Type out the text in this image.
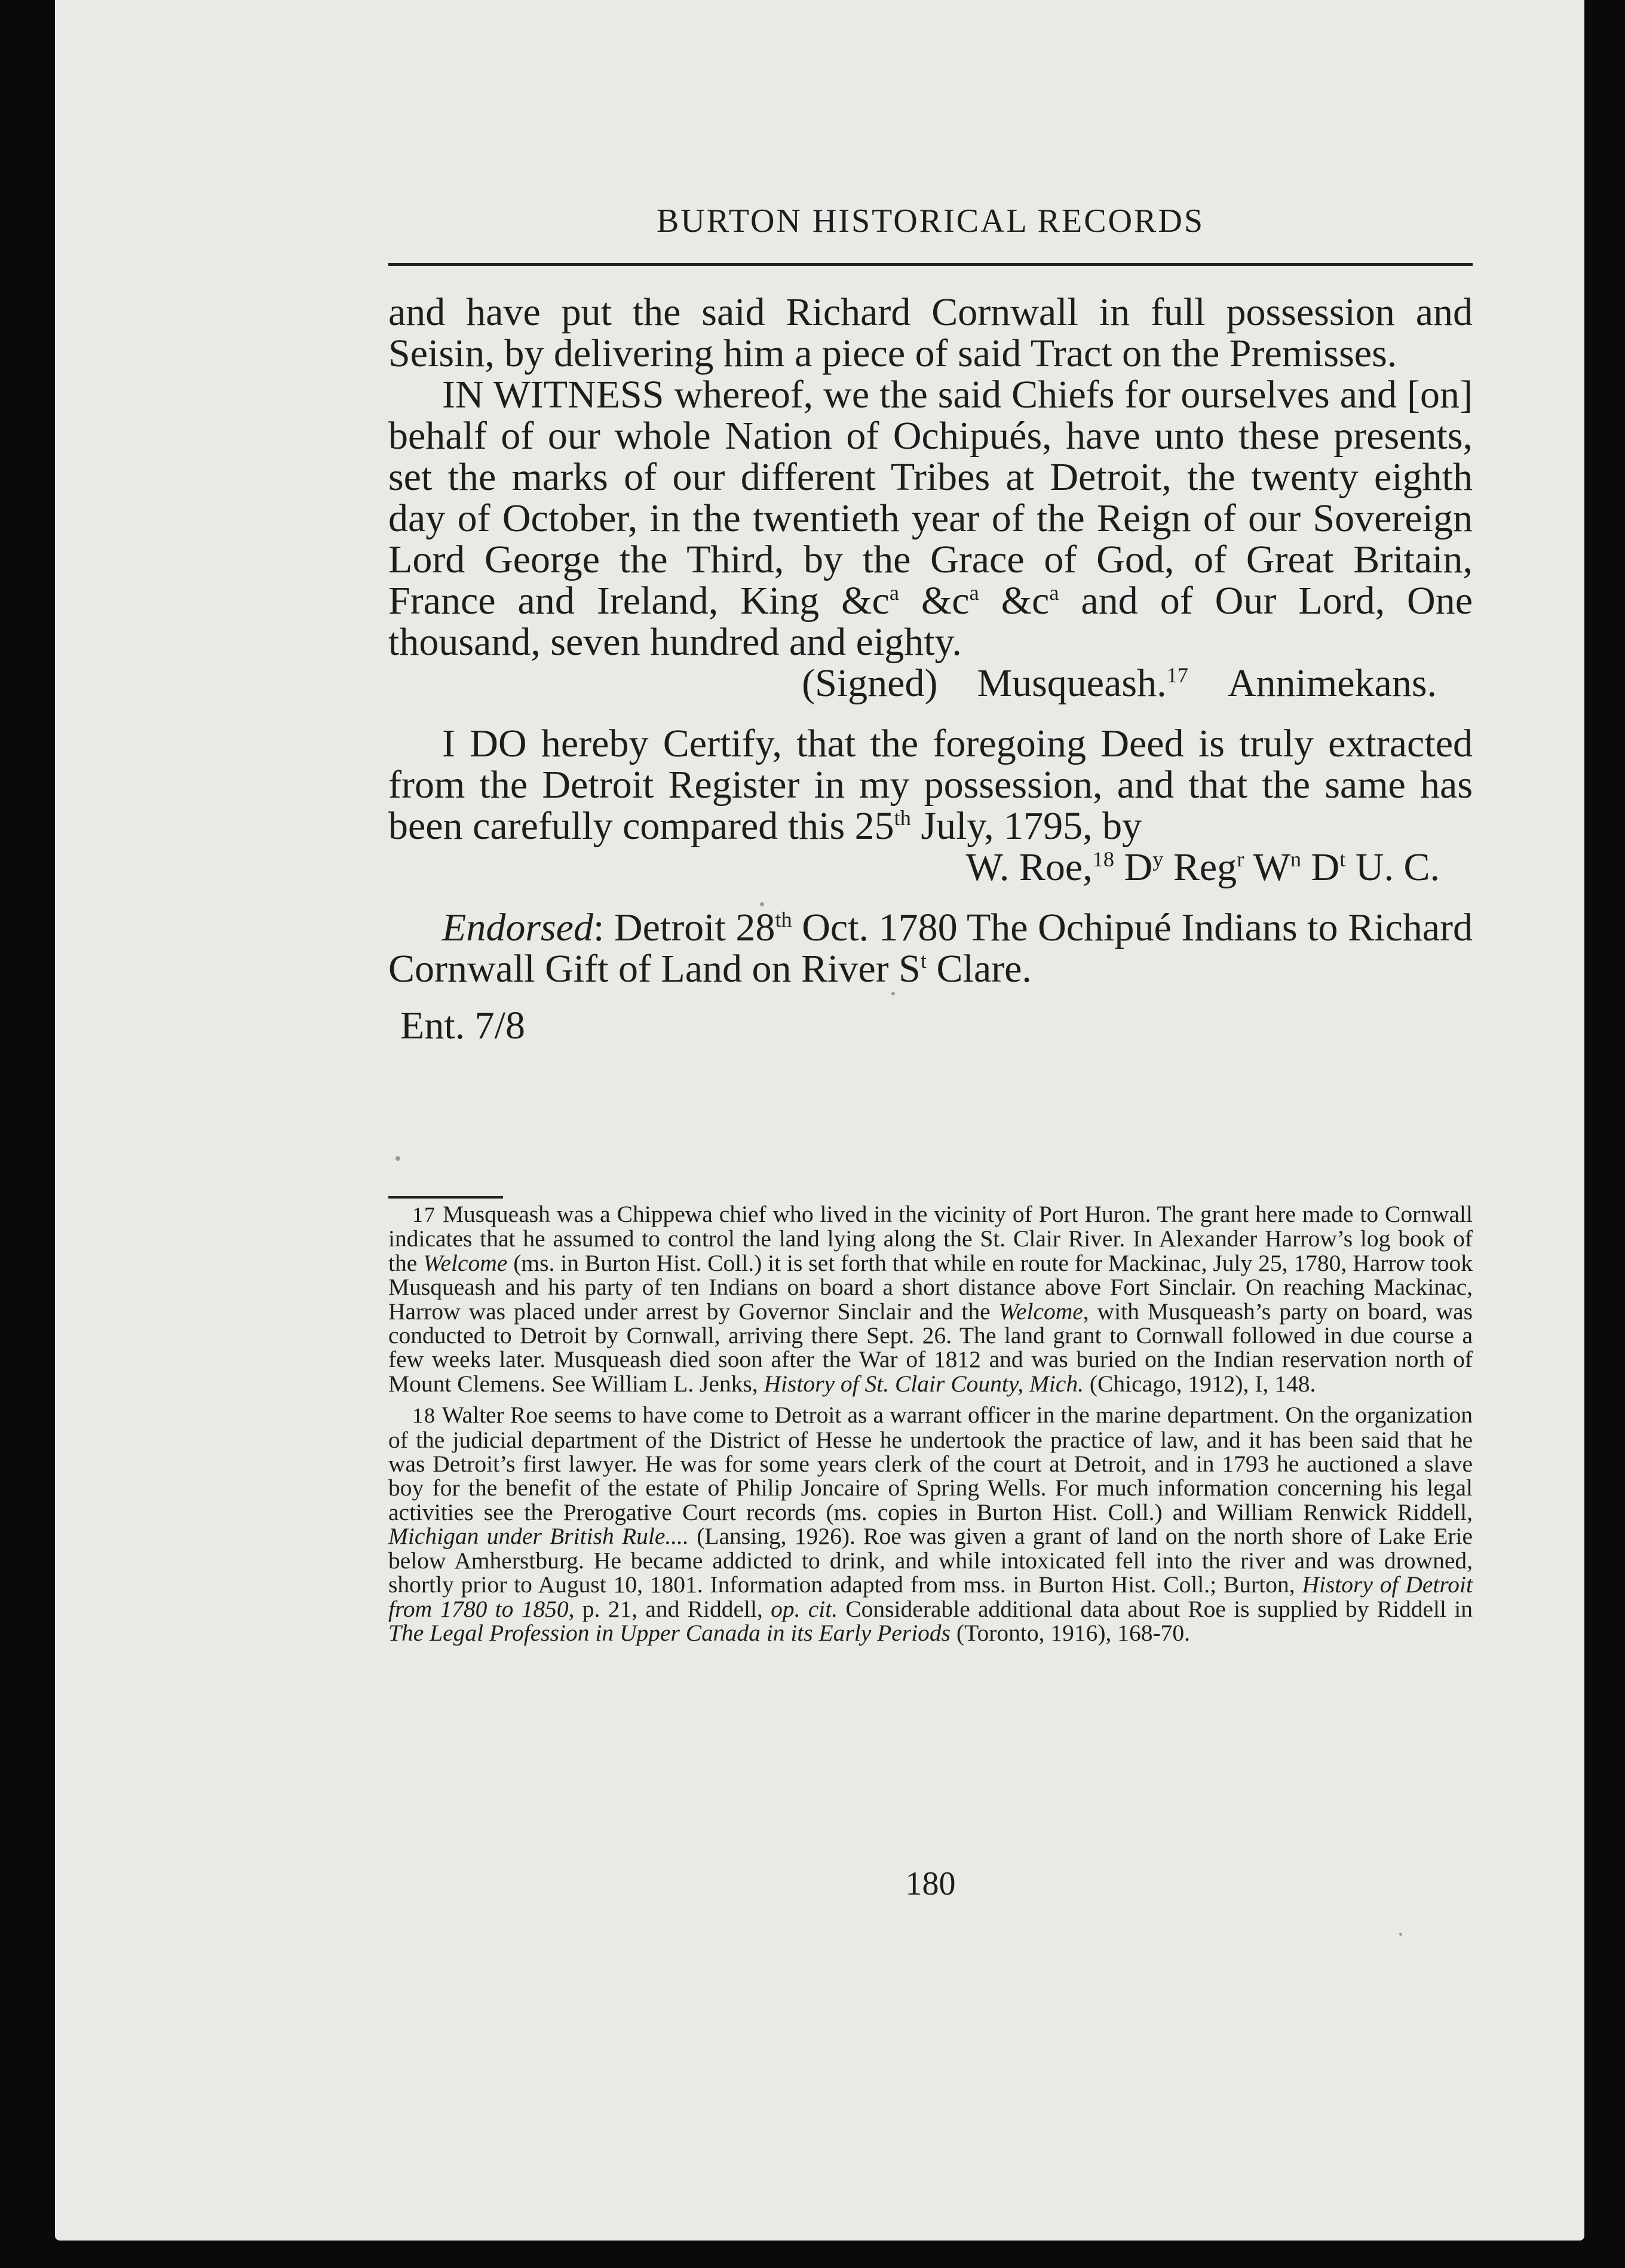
BURTON HISTORICAL RECORDS

and have put the said Richard Cornwall in full possession and Seisin, by delivering him a piece of said Tract on the Premisses.

IN WITNESS whereof, we the said Chiefs for ourselves and [on] behalf of our whole Nation of Ochipués, have unto these presents, set the marks of our different Tribes at Detroit, the twenty eighth day of October, in the twentieth year of the Reign of our Sovereign Lord George the Third, by the Grace of God, of Great Britain, France and Ireland, King $\&c^a$ $\&c^a$ $\&c^a$ and of Our Lord, One thousand, seven hundred and eighty.

(Signed) Musqueash.$^{17}$ Annimekans.

I DO hereby Certify, that the foregoing Deed is truly extracted from the Detroit Register in my possession, and that the same has been carefully compared this 25th July, 1795, by

W. Roe,$^{18}$ $D^y$ Reg$^r$ $W^n$ $D^t$ U. C.

Endorsed: Detroit 28th Oct. 1780 The Ochipué Indians to Richard Cornwall Gift of Land on River $S^t$ Clare.

Ent. 7/8

17 Musqueash was a Chippewa chief who lived in the vicinity of Port Huron. The grant here made to Cornwall indicates that he assumed to control the land lying along the St. Clair River. In Alexander Harrow’s log book of the Welcome (ms. in Burton Hist. Coll.) it is set forth that while en route for Mackinac, July 25, 1780, Harrow took Musqueash and his party of ten Indians on board a short distance above Fort Sinclair. On reaching Mackinac, Harrow was placed under arrest by Governor Sinclair and the Welcome, with Musqueash’s party on board, was conducted to Detroit by Cornwall, arriving there Sept. 26. The land grant to Cornwall followed in due course a few weeks later. Musqueash died soon after the War of 1812 and was buried on the Indian reservation north of Mount Clemens. See William L. Jenks, History of St. Clair County, Mich. (Chicago, 1912), I, 148.

18 Walter Roe seems to have come to Detroit as a warrant officer in the marine department. On the organization of the judicial department of the District of Hesse he undertook the practice of law, and it has been said that he was Detroit’s first lawyer. He was for some years clerk of the court at Detroit, and in 1793 he auctioned a slave boy for the benefit of the estate of Philip Joncaire of Spring Wells. For much information concerning his legal activities see the Prerogative Court records (ms. copies in Burton Hist. Coll.) and William Renwick Riddell, Michigan under British Rule.... (Lansing, 1926). Roe was given a grant of land on the north shore of Lake Erie below Amherstburg. He became addicted to drink, and while intoxicated fell into the river and was drowned, shortly prior to August 10, 1801. Information adapted from mss. in Burton Hist. Coll.; Burton, History of Detroit from 1780 to 1850, p. 21, and Riddell, op. cit. Considerable additional data about Roe is supplied by Riddell in The Legal Profession in Upper Canada in its Early Periods (Toronto, 1916), 168-70.

180
